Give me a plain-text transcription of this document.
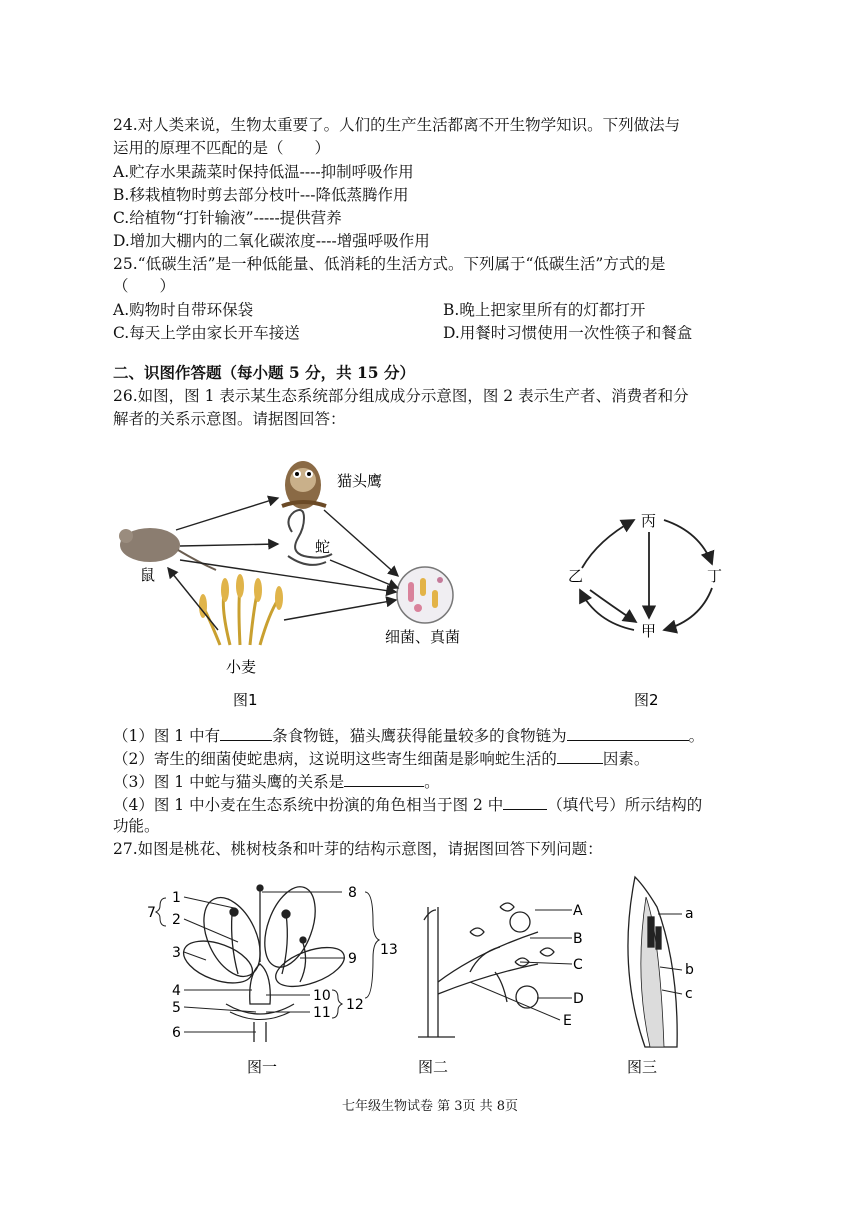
24.对人类来说，生物太重要了。人们的生产生活都离不开生物学知识。下列做法与
运用的原理不匹配的是（　　）
A.贮存水果蔬菜时保持低温----抑制呼吸作用
B.移栽植物时剪去部分枝叶---降低蒸腾作用
C.给植物“打针输液”-----提供营养
D.增加大棚内的二氧化碳浓度----增强呼吸作用
25.“低碳生活”是一种低能量、低消耗的生活方式。下列属于“低碳生活”方式的是
（　　）
A.购物时自带环保袋	B.晚上把家里所有的灯都打开
C.每天上学由家长开车接送	D.用餐时习惯使用一次性筷子和餐盒
二、识图作答题（每小题 5 分，共 15 分）
26.如图，图 1 表示某生态系统部分组成成分示意图，图 2 表示生产者、消费者和分
解者的关系示意图。请据图回答：
猫头鹰
蛇
鼠
小麦
细菌、真菌
图1
丙
乙	丁
甲
图2
（1）图 1 中有	条食物链，猫头鹰获得能量较多的食物链为	。
（2）寄生的细菌使蛇患病，这说明这些寄生细菌是影响蛇生活的	因素。
（3）图 1 中蛇与猫头鹰的关系是	。
（4）图 1 中小麦在生态系统中扮演的角色相当于图 2 中	（填代号）所示结构的
功能。
27.如图是桃花、桃树枝条和叶芽的结构示意图，请据图回答下列问题：
1
2
3
4
5
6
7
8
9
10
11 12
13
图一
A
B
C
D
E
图二
a
b
c
图三
七年级生物试卷 第 3页 共 8页
